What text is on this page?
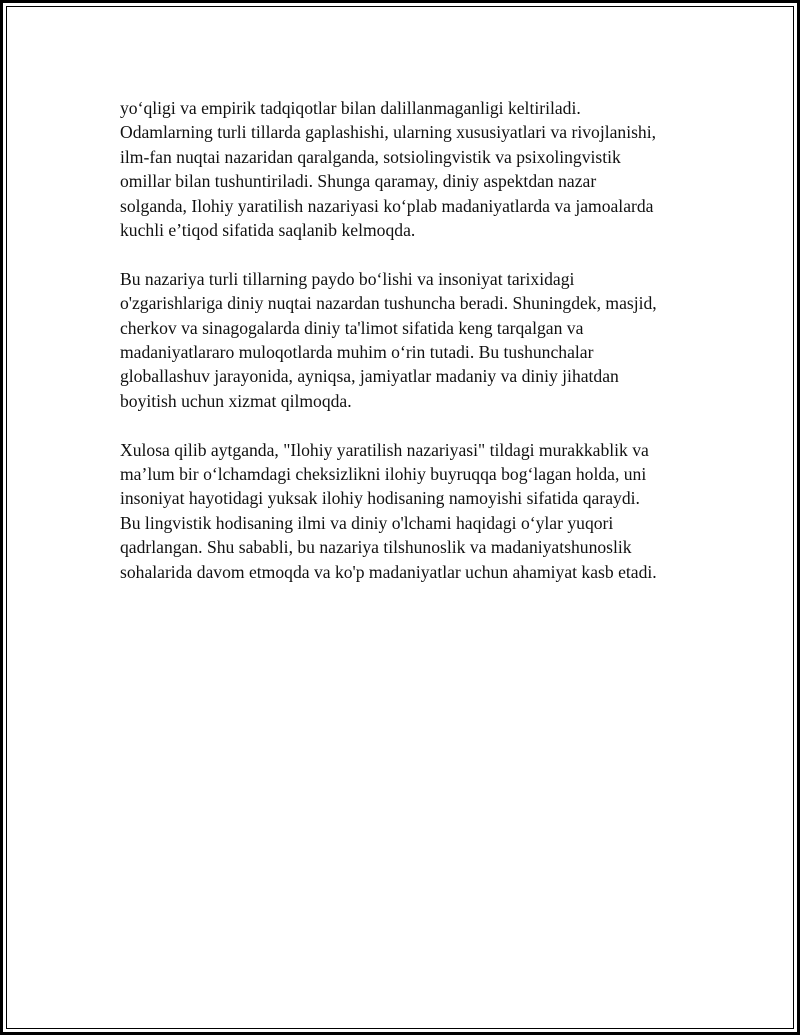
yo‘qligi va empirik tadqiqotlar bilan dalillanmaganligi keltiriladi.
Odamlarning turli tillarda gaplashishi, ularning xususiyatlari va rivojlanishi,
ilm-fan nuqtai nazaridan qaralganda, sotsiolingvistik va psixolingvistik
omillar bilan tushuntiriladi. Shunga qaramay, diniy aspektdan nazar
solganda, Ilohiy yaratilish nazariyasi ko‘plab madaniyatlarda va jamoalarda
kuchli e’tiqod sifatida saqlanib kelmoqda.

Bu nazariya turli tillarning paydo bo‘lishi va insoniyat tarixidagi
o'zgarishlariga diniy nuqtai nazardan tushuncha beradi. Shuningdek, masjid,
cherkov va sinagogalarda diniy ta'limot sifatida keng tarqalgan va
madaniyatlararo muloqotlarda muhim o‘rin tutadi. Bu tushunchalar
globallashuv jarayonida, ayniqsa, jamiyatlar madaniy va diniy jihatdan
boyitish uchun xizmat qilmoqda.

Xulosa qilib aytganda, "Ilohiy yaratilish nazariyasi" tildagi murakkablik va
ma’lum bir o‘lchamdagi cheksizlikni ilohiy buyruqqa bog‘lagan holda, uni
insoniyat hayotidagi yuksak ilohiy hodisaning namoyishi sifatida qaraydi.
Bu lingvistik hodisaning ilmi va diniy o'lchami haqidagi o‘ylar yuqori
qadrlangan. Shu sababli, bu nazariya tilshunoslik va madaniyatshunoslik
sohalarida davom etmoqda va ko'p madaniyatlar uchun ahamiyat kasb etadi.
